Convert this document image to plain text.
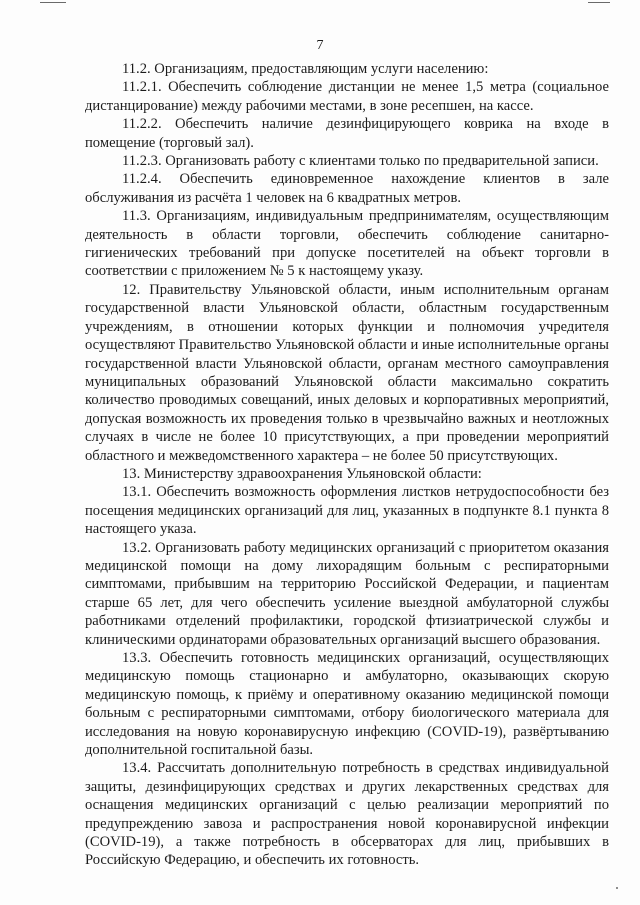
7

11.2. Организациям, предоставляющим услуги населению:

11.2.1. Обеспечить соблюдение дистанции не менее 1,5 метра (социальное дистанцирование) между рабочими местами, в зоне ресепшен, на кассе.

11.2.2. Обеспечить наличие дезинфицирующего коврика на входе в помещение (торговый зал).

11.2.3. Организовать работу с клиентами только по предварительной записи.

11.2.4. Обеспечить единовременное нахождение клиентов в зале обслуживания из расчёта 1 человек на 6 квадратных метров.

11.3. Организациям, индивидуальным предпринимателям, осуществляющим деятельность в области торговли, обеспечить соблюдение санитарно-гигиенических требований при допуске посетителей на объект торговли в соответствии с приложением № 5 к настоящему указу.

12. Правительству Ульяновской области, иным исполнительным органам государственной власти Ульяновской области, областным государственным учреждениям, в отношении которых функции и полномочия учредителя осуществляют Правительство Ульяновской области и иные исполнительные органы государственной власти Ульяновской области, органам местного самоуправления муниципальных образований Ульяновской области максимально сократить количество проводимых совещаний, иных деловых и корпоративных мероприятий, допуская возможность их проведения только в чрезвычайно важных и неотложных случаях в числе не более 10 присутствующих, а при проведении мероприятий областного и межведомственного характера – не более 50 присутствующих.

13. Министерству здравоохранения Ульяновской области:

13.1. Обеспечить возможность оформления листков нетрудоспособности без посещения медицинских организаций для лиц, указанных в подпункте 8.1 пункта 8 настоящего указа.

13.2. Организовать работу медицинских организаций с приоритетом оказания медицинской помощи на дому лихорадящим больным с респираторными симптомами, прибывшим на территорию Российской Федерации, и пациентам старше 65 лет, для чего обеспечить усиление выездной амбулаторной службы работниками отделений профилактики, городской фтизиатрической службы и клиническими ординаторами образовательных организаций высшего образования.

13.3. Обеспечить готовность медицинских организаций, осуществляющих медицинскую помощь стационарно и амбулаторно, оказывающих скорую медицинскую помощь, к приёму и оперативному оказанию медицинской помощи больным с респираторными симптомами, отбору биологического материала для исследования на новую коронавирусную инфекцию (COVID-19), развёртыванию дополнительной госпитальной базы.

13.4. Рассчитать дополнительную потребность в средствах индивидуальной защиты, дезинфицирующих средствах и других лекарственных средствах для оснащения медицинских организаций с целью реализации мероприятий по предупреждению завоза и распространения новой коронавирусной инфекции (COVID-19), а также потребность в обсерваторах для лиц, прибывших в Российскую Федерацию, и обеспечить их готовность.
